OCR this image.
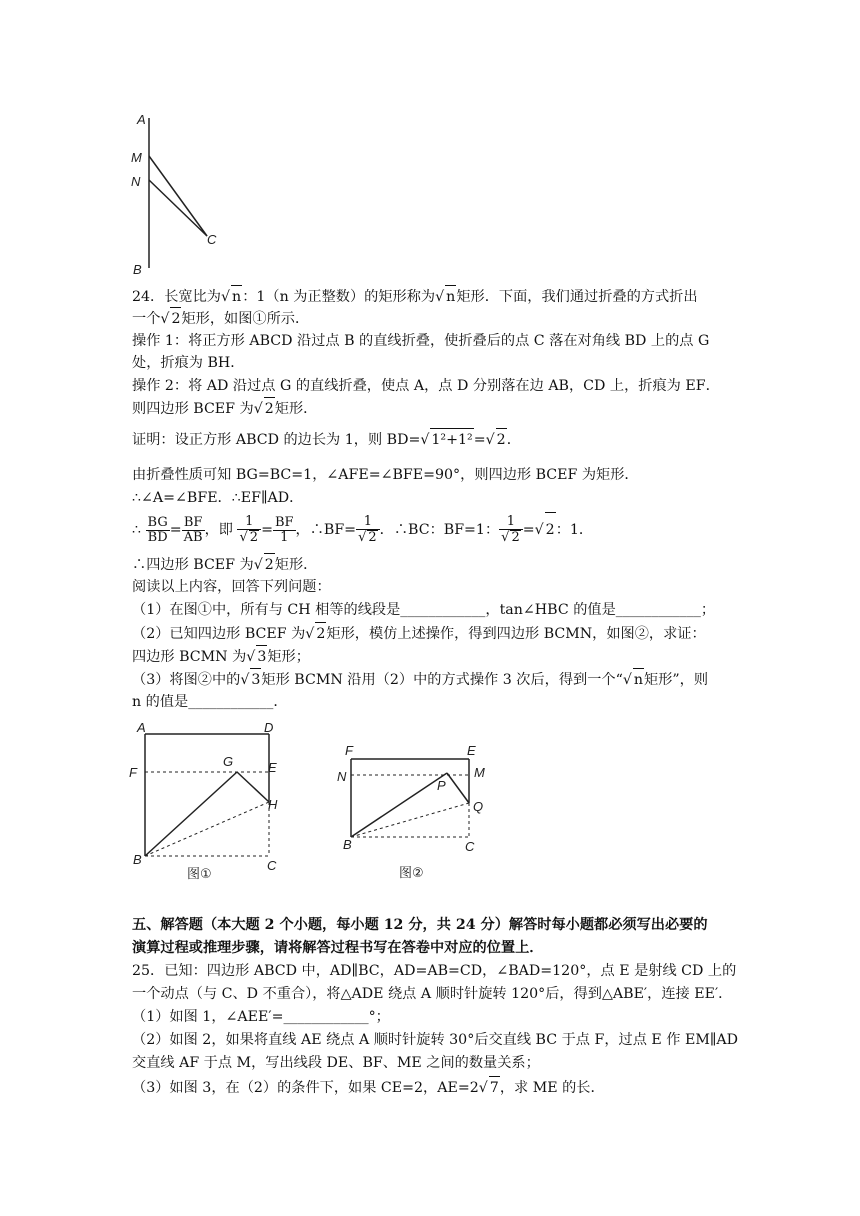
A
M
N
C
B
24．长宽比为√ n：1（n 为正整数）的矩形称为√ n矩形．下面，我们通过折叠的方式折出
一个√ 2矩形，如图①所示．
操作 1：将正方形 ABCD 沿过点 B 的直线折叠，使折叠后的点 C 落在对角线 BD 上的点 G
处，折痕为 BH．
操作 2：将 AD 沿过点 G 的直线折叠，使点 A，点 D 分别落在边 AB，CD 上，折痕为 EF．
则四边形 BCEF 为√ 2矩形．
证明：设正方形 ABCD 的边长为 1，则 BD=√ 1²+1²=√ 2．
由折叠性质可知 BG=BC=1，∠AFE=∠BFE=90°，则四边形 BCEF 为矩形．
∴∠A=∠BFE．∴EF∥AD．
∴ $\frac{BG}{BD} = \frac{BF}{AB}$ ，即 $\frac{1}{√ 2} = \frac{BF}{1}$ ，∴BF= $\frac{1}{√ 2}$ ．∴BC：BF=1： $\frac{1}{√ 2}$ =√ 2：1．
∴四边形 BCEF 为√ 2矩形．
阅读以上内容，回答下列问题：
（1）在图①中，所有与 CH 相等的线段是____________，tan∠HBC 的值是____________；
（2）已知四边形 BCEF 为√ 2矩形，模仿上述操作，得到四边形 BCMN，如图②，求证：
四边形 BCMN 为√ 3矩形；
（3）将图②中的√ 3矩形 BCMN 沿用（2）中的方式操作 3 次后，得到一个“√ n矩形”，则
n 的值是____________．
A	D
F
G	E
H
B	C
图①
F	E
N	M
P
Q
B	C
图②
五、解答题（本大题 2 个小题，每小题 12 分，共 24 分）解答时每小题都必须写出必要的
演算过程或推理步骤，请将解答过程书写在答卷中对应的位置上．
25．已知：四边形 ABCD 中，AD∥BC，AD=AB=CD，∠BAD=120°，点 E 是射线 CD 上的
一个动点（与 C、D 不重合），将△ADE 绕点 A 顺时针旋转 120°后，得到△ABE′，连接 EE′．
（1）如图 1，∠AEE′=____________°；
（2）如图 2，如果将直线 AE 绕点 A 顺时针旋转 30°后交直线 BC 于点 F，过点 E 作 EM∥AD
交直线 AF 于点 M，写出线段 DE、BF、ME 之间的数量关系；
（3）如图 3，在（2）的条件下，如果 CE=2，AE=2√ 7，求 ME 的长．
